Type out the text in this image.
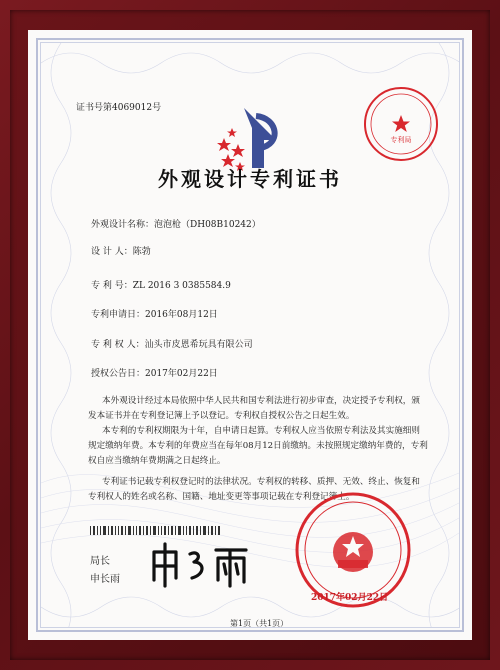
证书号第4069012号
专利局
外观设计专利证书
外观设计名称：泡泡枪（DH08B10242）
设 计 人：陈勃
专 利 号：ZL 2016 3 0385584.9
专利申请日：2016年08月12日
专 利 权 人：汕头市皮恩希玩具有限公司
授权公告日：2017年02月22日
本外观设计经过本局依照中华人民共和国专利法进行初步审查，决定授予专利权，颁
发本证书并在专利登记簿上予以登记。专利权自授权公告之日起生效。
本专利的专利权期限为十年，自申请日起算。专利权人应当依照专利法及其实施细则
规定缴纳年费。本专利的年费应当在每年08月12日前缴纳。未按照规定缴纳年费的，专利
权自应当缴纳年费期满之日起终止。
专利证书记载专利权登记时的法律状况。专利权的转移、质押、无效、终止、恢复和
专利权人的姓名或名称、国籍、地址变更等事项记载在专利登记簿上。
局长
申长雨
2017年02月22日
第1页（共1页）
